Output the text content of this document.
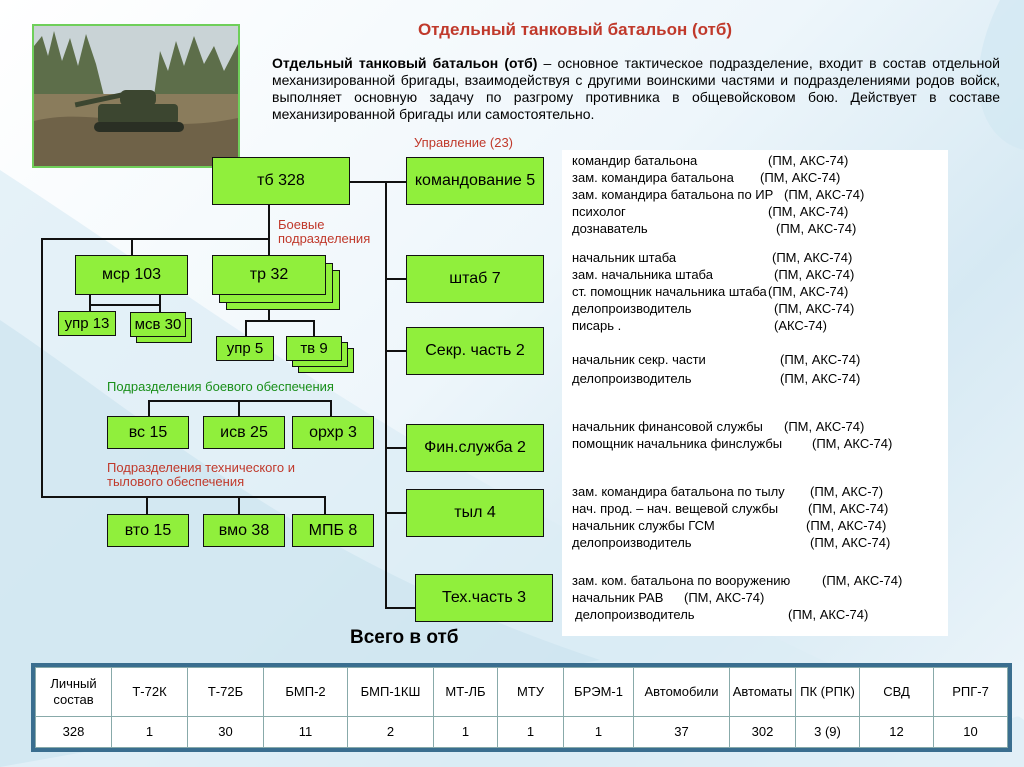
Отдельный танковый батальон (отб)
Отдельный танковый батальон (отб) – основное тактическое подразделение, входит в состав отдельной механизированной бригады, взаимодействуя с другими воинскими частями и подразделениями родов войск, выполняет основную задачу по разгрому противника в общевойсковом бою. Действует в составе механизированной бригады или самостоятельно.
Управление (23)
Боевые подразделения
Подразделения боевого обеспечения
Подразделения технического и тылового обеспечения
тб 328
мср 103
упр 13	мсв 30
тр 32
упр 5	тв 9
вс 15	исв 25	орхр 3
вто 15	вмо 38	МПБ 8
командование 5
штаб 7
Секр. часть 2
Фин.служба 2
тыл 4
Тех.часть 3
командир батальона	(ПМ, АКС-74)
зам. командира батальона (ПМ, АКС-74)
зам. командира батальона по ИР (ПМ, АКС-74)
психолог	(ПМ, АКС-74)
дознаватель	(ПМ, АКС-74)
начальник штаба	(ПМ, АКС-74)
зам. начальника штаба	(ПМ, АКС-74)
ст. помощник начальника штаба (ПМ, АКС-74)
делопроизводитель	(ПМ, АКС-74)
писарь .	(АКС-74)
начальник секр. части	(ПМ, АКС-74)
делопроизводитель	(ПМ, АКС-74)
начальник финансовой службы (ПМ, АКС-74)
помощник начальника финслужбы (ПМ, АКС-74)
зам. командира батальона по тылу (ПМ, АКС-7)
нач. прод. – нач. вещевой службы (ПМ, АКС-74)
начальник службы ГСМ	(ПМ, АКС-74)
делопроизводитель	(ПМ, АКС-74)
зам. ком. батальона по вооружению (ПМ, АКС-74)
начальник РАВ (ПМ, АКС-74)
делопроизводитель	(ПМ, АКС-74)
Всего в отб
Личный состав	Т-72К	Т-72Б	БМП-2	БМП-1КШ	МТ-ЛБ	МТУ	БРЭМ-1	Автомобили	Автоматы	ПК (РПК)	СВД	РПГ-7
328	1	30	11	2	1	1	1	37	302	3 (9)	12	10
